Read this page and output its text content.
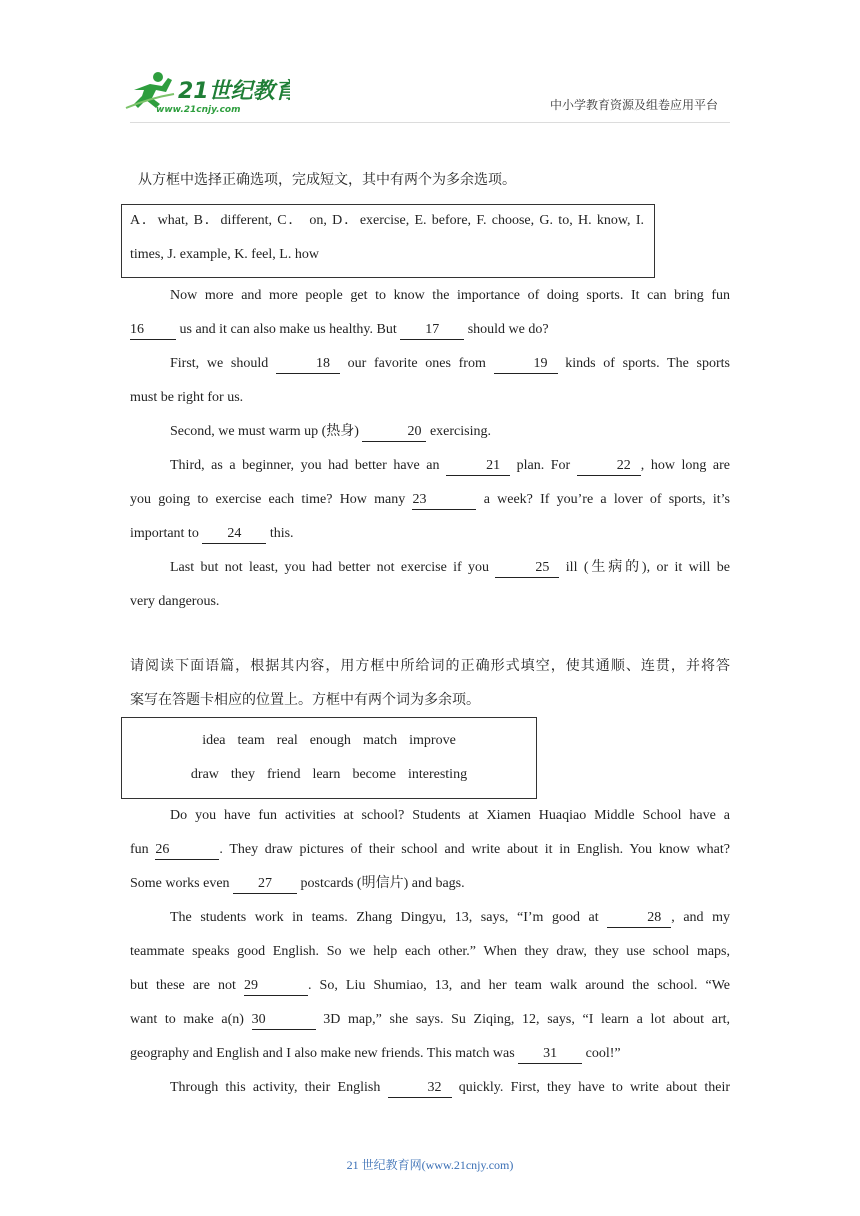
21世纪教育
www.21cnjy.com	中小学教育资源及组卷应用平台
从方框中选择正确选项，完成短文，其中有两个为多余选项。
A．what, B．different, C． on, D．exercise, E. before, F. choose, G. to, H. know, I.
times, J. example, K. feel, L. how
Now more and more people get to know the importance of doing sports. It can bring fun
16 us and it can also make us healthy. But 17 should we do?
First, we should	18 our favorite ones from	19 kinds of sports. The sports
must be right for us.
Second, we must warm up (热身)	20 exercising.
Third, as a beginner, you had better have an	21 plan. For	22 , how long are
you going to exercise each time? How many 23	a week? If you’re a lover of sports, it’s
important to 24 this.
Last but not least, you had better not exercise if you	25 ill (生病的), or it will be
very dangerous.
请阅读下面语篇，根据其内容，用方框中所给词的正确形式填空，使其通顺、连贯，并将答
案写在答题卡相应的位置上。方框中有两个词为多余项。
idea team real enough match improve
draw they friend learn become interesting
Do you have fun activities at school? Students at Xiamen Huaqiao Middle School have a
fun 26	. They draw pictures of their school and write about it in English. You know what?
Some works even 27 postcards (明信片) and bags.
The students work in teams. Zhang Dingyu, 13, says, “I’m good at	28 , and my
teammate speaks good English. So we help each other.” When they draw, they use school maps,
but these are not 29	. So, Liu Shumiao, 13, and her team walk around the school. “We
want to make a(n) 30	3D map,” she says. Su Ziqing, 12, says, “I learn a lot about art,
geography and English and I also make new friends. This match was 31 cool!”
Through this activity, their English	32 quickly. First, they have to write about their
21 世纪教育网(www.21cnjy.com)
